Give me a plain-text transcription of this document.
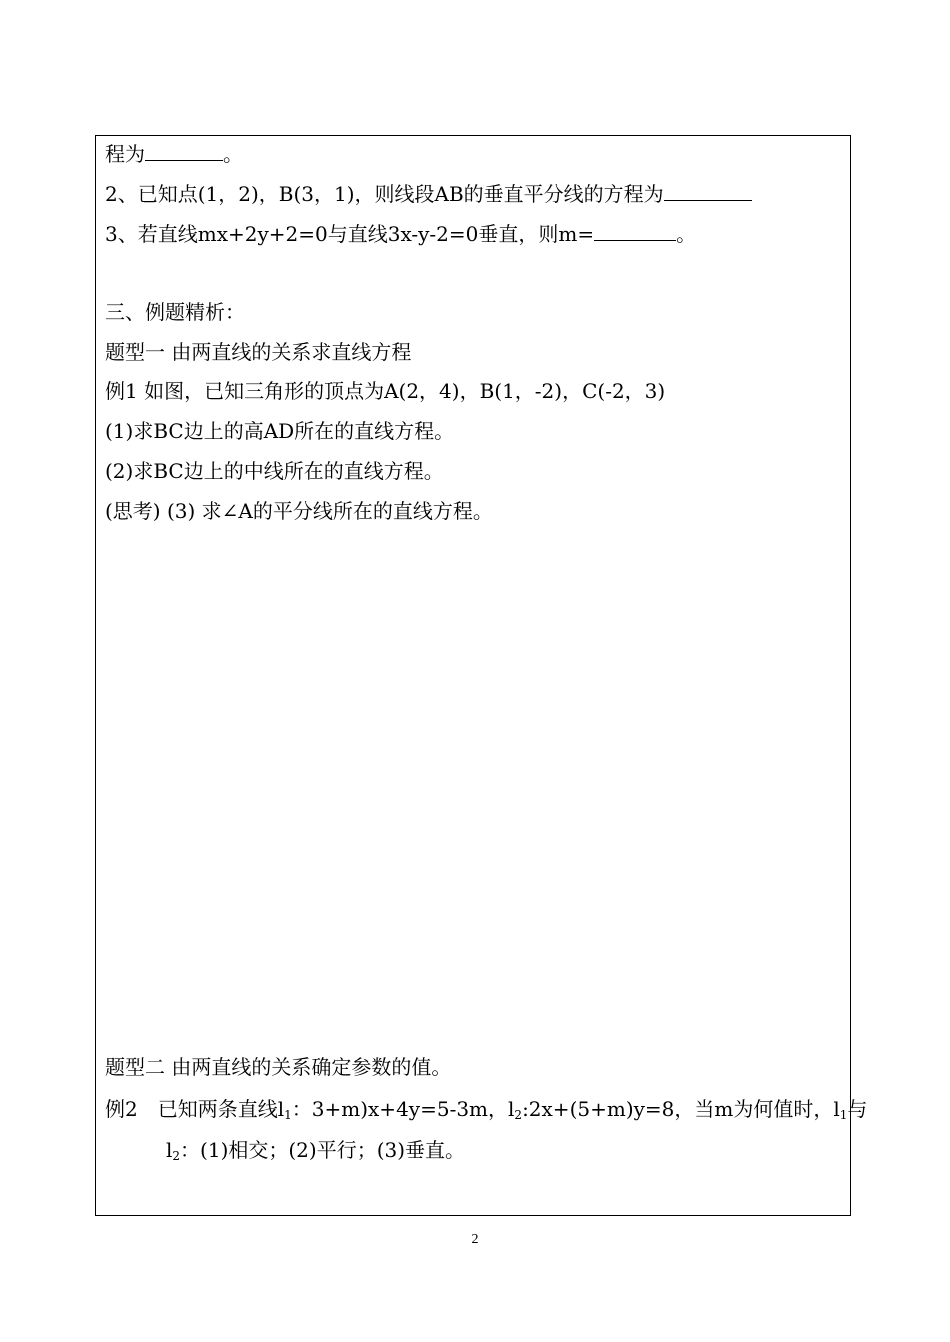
程为	。
2、已知点(1，2)，B(3，1)，则线段AB的垂直平分线的方程为
3、若直线mx+2y+2=0与直线3x-y-2=0垂直，则m=	。
三、例题精析：
题型一 由两直线的关系求直线方程
例1 如图，已知三角形的顶点为A(2，4)，B(1，-2)，C(-2，3)
(1)求BC边上的高AD所在的直线方程。
(2)求BC边上的中线所在的直线方程。
(思考) (3) 求∠A的平分线所在的直线方程。
题型二 由两直线的关系确定参数的值。
例2 已知两条直线$l_1$：3+m)x+4y=5-3m，$l_2:2x+(5+m)y=8$，当m为何值时，$l_1$与
$l_2$：(1)相交；(2)平行；(3)垂直。
2
